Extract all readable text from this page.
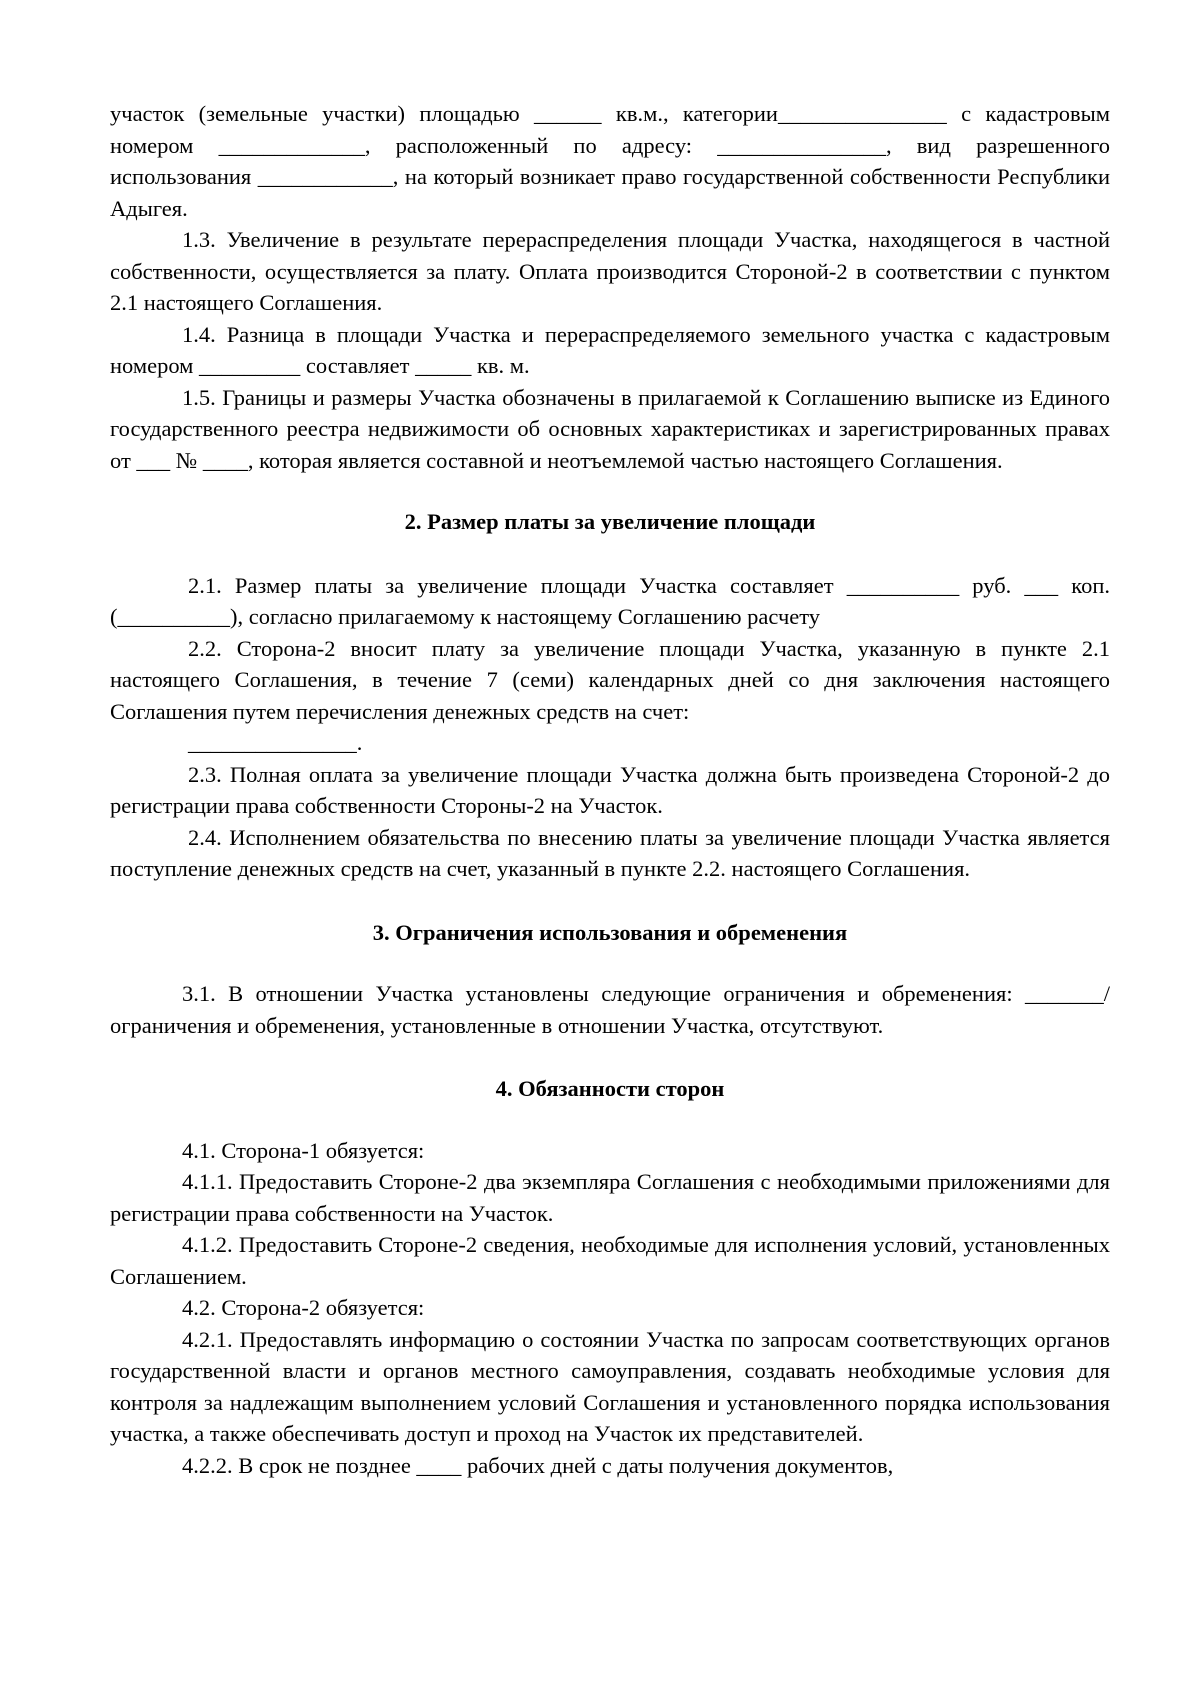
участок (земельные участки) площадью ______ кв.м., категории_______________ с кадастровым номером _____________, расположенный по адресу: _______________, вид разрешенного использования ____________, на который возникает право государственной собственности Республики Адыгея.

1.3. Увеличение в результате перераспределения площади Участка, находящегося в частной собственности, осуществляется за плату. Оплата производится Стороной-2 в соответствии с пунктом 2.1 настоящего Соглашения.

1.4. Разница в площади Участка и перераспределяемого земельного участка с кадастровым номером _________ составляет _____ кв. м.

1.5. Границы и размеры Участка обозначены в прилагаемой к Соглашению выписке из Единого государственного реестра недвижимости об основных характеристиках и зарегистрированных правах от ___ № ____, которая является составной и неотъемлемой частью настоящего Соглашения.

2. Размер платы за увеличение площади

2.1. Размер платы за увеличение площади Участка составляет __________ руб. ___ коп. (__________), согласно прилагаемому к настоящему Соглашению расчету

2.2. Сторона-2 вносит плату за увеличение площади Участка, указанную в пункте 2.1 настоящего Соглашения, в течение 7 (семи) календарных дней со дня заключения настоящего Соглашения путем перечисления денежных средств на счет:

_______________.

2.3. Полная оплата за увеличение площади Участка должна быть произведена Стороной-2 до регистрации права собственности Стороны-2 на Участок.

2.4. Исполнением обязательства по внесению платы за увеличение площади Участка является поступление денежных средств на счет, указанный в пункте 2.2. настоящего Соглашения.

3. Ограничения использования и обременения

3.1. В отношении Участка установлены следующие ограничения и обременения: _______/ ограничения и обременения, установленные в отношении Участка, отсутствуют.

4. Обязанности сторон

4.1. Сторона-1 обязуется:

4.1.1. Предоставить Стороне-2 два экземпляра Соглашения с необходимыми приложениями для регистрации права собственности на Участок.

4.1.2. Предоставить Стороне-2 сведения, необходимые для исполнения условий, установленных Соглашением.

4.2. Сторона-2 обязуется:

4.2.1. Предоставлять информацию о состоянии Участка по запросам соответствующих органов государственной власти и органов местного самоуправления, создавать необходимые условия для контроля за надлежащим выполнением условий Соглашения и установленного порядка использования участка, а также обеспечивать доступ и проход на Участок их представителей.

4.2.2. В срок не позднее ____ рабочих дней с даты получения документов,
